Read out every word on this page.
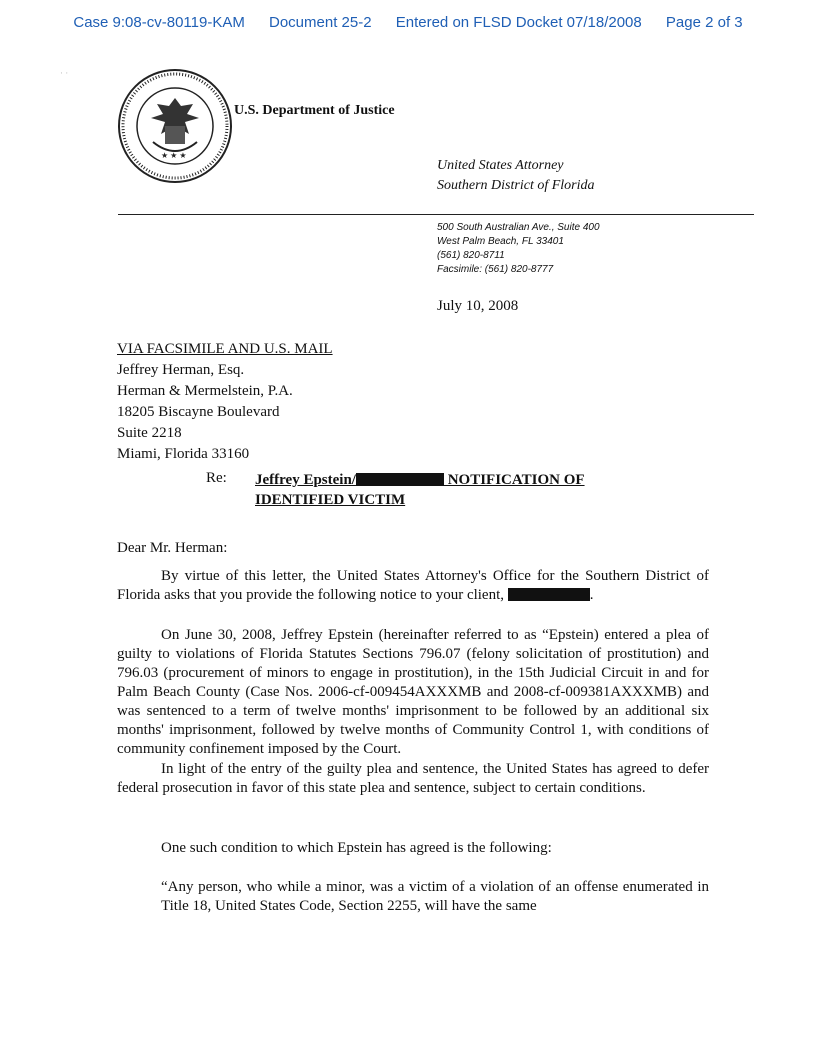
Case 9:08-cv-80119-KAM Document 25-2 Entered on FLSD Docket 07/18/2008 Page 2 of 3
· ·
★ ★ ★
U.S. Department of Justice
United States Attorney
Southern District of Florida
500 South Australian Ave., Suite 400
West Palm Beach, FL 33401
(561) 820-8711
Facsimile: (561) 820-8777
July 10, 2008
VIA FACSIMILE AND U.S. MAIL
Jeffrey Herman, Esq.
Herman & Mermelstein, P.A.
18205 Biscayne Boulevard
Suite 2218
Miami, Florida 33160
Re: Jeffrey Epstein/	NOTIFICATION OF
IDENTIFIED VICTIM
Dear Mr. Herman:
By virtue of this letter, the United States Attorney's Office for the Southern District of Florida asks that you provide the following notice to your client,	.
On June 30, 2008, Jeffrey Epstein (hereinafter referred to as “Epstein) entered a plea of guilty to violations of Florida Statutes Sections 796.07 (felony solicitation of prostitution) and 796.03 (procurement of minors to engage in prostitution), in the 15th Judicial Circuit in and for Palm Beach County (Case Nos. 2006-cf-009454AXXXMB and 2008-cf-009381AXXXMB) and was sentenced to a term of twelve months' imprisonment to be followed by an additional six months' imprisonment, followed by twelve months of Community Control 1, with conditions of community confinement imposed by the Court.
In light of the entry of the guilty plea and sentence, the United States has agreed to defer federal prosecution in favor of this state plea and sentence, subject to certain conditions.
One such condition to which Epstein has agreed is the following:
“Any person, who while a minor, was a victim of a violation of an offense enumerated in Title 18, United States Code, Section 2255, will have the same
